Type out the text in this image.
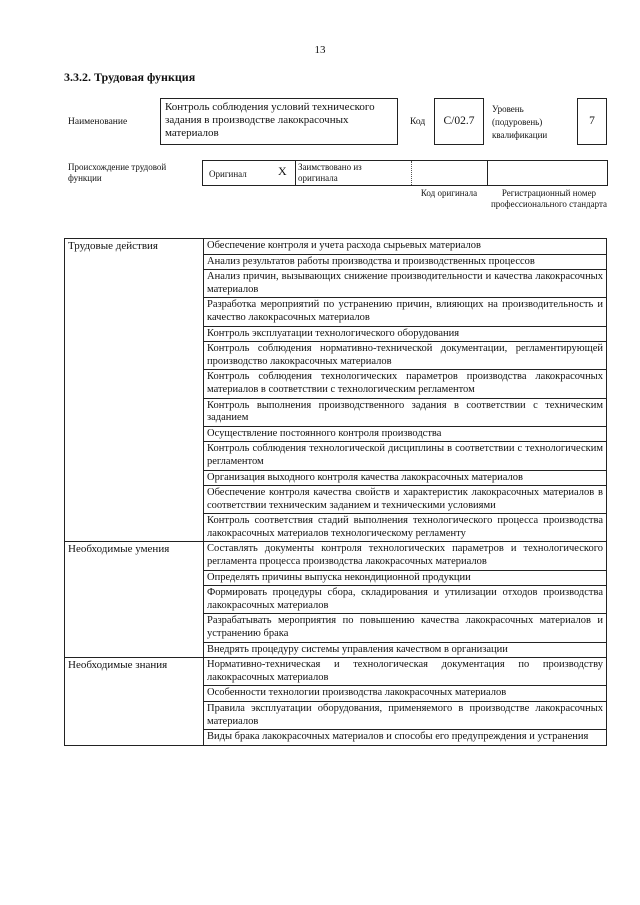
13
3.3.2. Трудовая функция
Наименование
Контроль соблюдения условий технического задания в производстве лакокрасочных материалов
Код С/02.7
Уровень (подуровень) квалификации
7
Происхождение трудовой функции	Оригинал	X Заимствовано из оригинала
Код оригинала	Регистрационный номер профессионального стандарта
Трудовые действия	Обеспечение контроля и учета расхода сырьевых материалов
	Анализ результатов работы производства и производственных процессов
	Анализ причин, вызывающих снижение производительности и качества лакокрасочных материалов
	Разработка мероприятий по устранению причин, влияющих на производительность и качество лакокрасочных материалов
	Контроль эксплуатации технологического оборудования
	Контроль соблюдения нормативно-технической документации, регламентирующей производство лакокрасочных материалов
	Контроль соблюдения технологических параметров производства лакокрасочных материалов в соответствии с технологическим регламентом
	Контроль выполнения производственного задания в соответствии с техническим заданием
	Осуществление постоянного контроля производства
	Контроль соблюдения технологической дисциплины в соответствии с технологическим регламентом
	Организация выходного контроля качества лакокрасочных материалов
	Обеспечение контроля качества свойств и характеристик лакокрасочных материалов в соответствии техническим заданием и техническими условиями
	Контроль соответствия стадий выполнения технологического процесса производства лакокрасочных материалов технологическому регламенту
Необходимые умения	Составлять документы контроля технологических параметров и технологического регламента процесса производства лакокрасочных материалов
	Определять причины выпуска некондиционной продукции
	Формировать процедуры сбора, складирования и утилизации отходов производства лакокрасочных материалов
	Разрабатывать мероприятия по повышению качества лакокрасочных материалов и устранению брака
	Внедрять процедуру системы управления качеством в организации
Необходимые знания	Нормативно-техническая и технологическая документация по производству лакокрасочных материалов
	Особенности технологии производства лакокрасочных материалов
	Правила эксплуатации оборудования, применяемого в производстве лакокрасочных материалов
	Виды брака лакокрасочных материалов и способы его предупреждения и устранения
